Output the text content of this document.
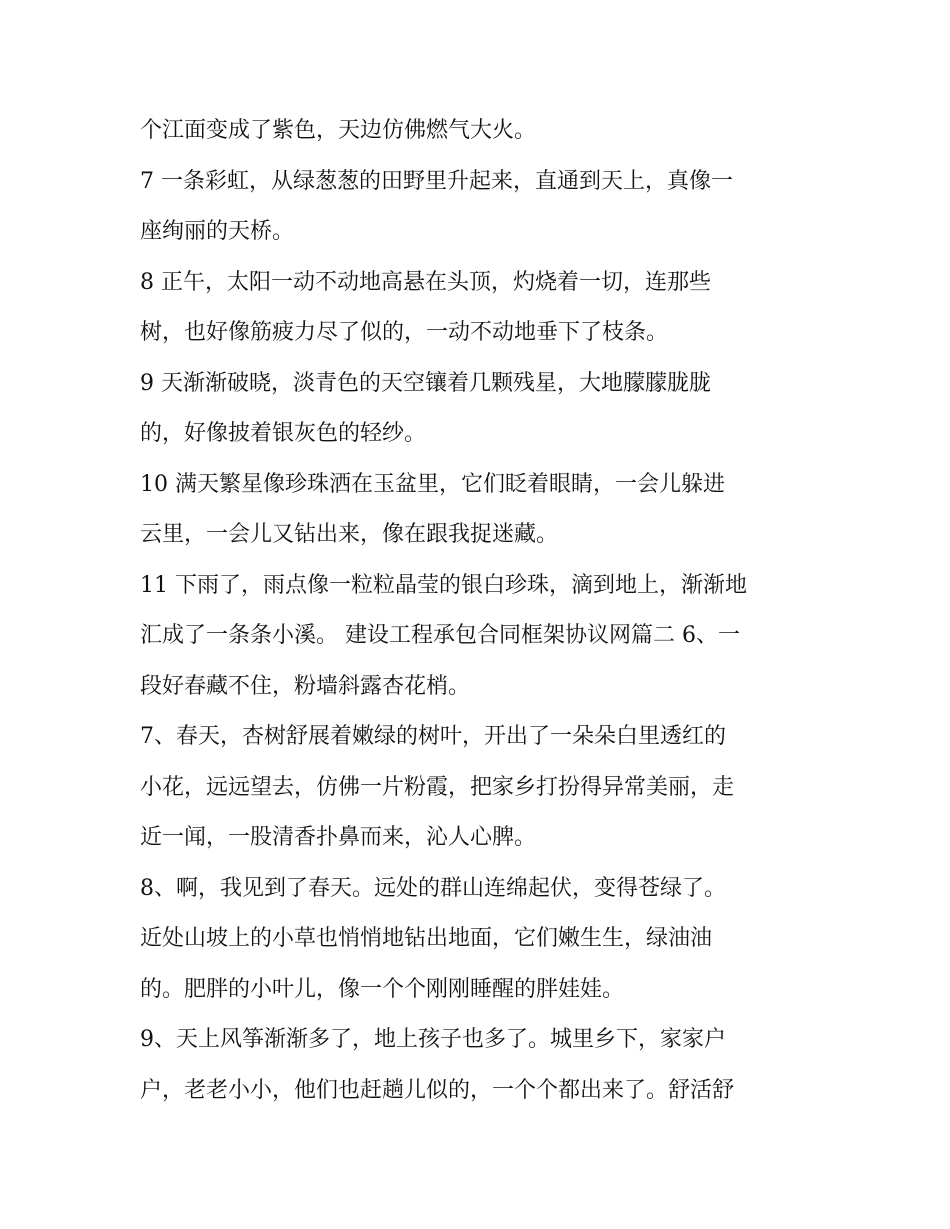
个江面变成了紫色，天边仿佛燃气大火。
7 一条彩虹，从绿葱葱的田野里升起来，直通到天上，真像一
座绚丽的天桥。
8 正午，太阳一动不动地高悬在头顶，灼烧着一切，连那些
树，也好像筋疲力尽了似的，一动不动地垂下了枝条。
9 天渐渐破晓，淡青色的天空镶着几颗残星，大地朦朦胧胧
的，好像披着银灰色的轻纱。
10 满天繁星像珍珠洒在玉盆里，它们眨着眼睛，一会儿躲进
云里，一会儿又钻出来，像在跟我捉迷藏。
11 下雨了，雨点像一粒粒晶莹的银白珍珠，滴到地上，渐渐地
汇成了一条条小溪。 建设工程承包合同框架协议网篇二 6、一
段好春藏不住，粉墙斜露杏花梢。
7、春天，杏树舒展着嫩绿的树叶，开出了一朵朵白里透红的
小花，远远望去，仿佛一片粉霞，把家乡打扮得异常美丽，走
近一闻，一股清香扑鼻而来，沁人心脾。
8、啊，我见到了春天。远处的群山连绵起伏，变得苍绿了。
近处山坡上的小草也悄悄地钻出地面，它们嫩生生，绿油油
的。肥胖的小叶儿，像一个个刚刚睡醒的胖娃娃。
9、天上风筝渐渐多了，地上孩子也多了。城里乡下，家家户
户，老老小小，他们也赶趟儿似的，一个个都出来了。舒活舒
